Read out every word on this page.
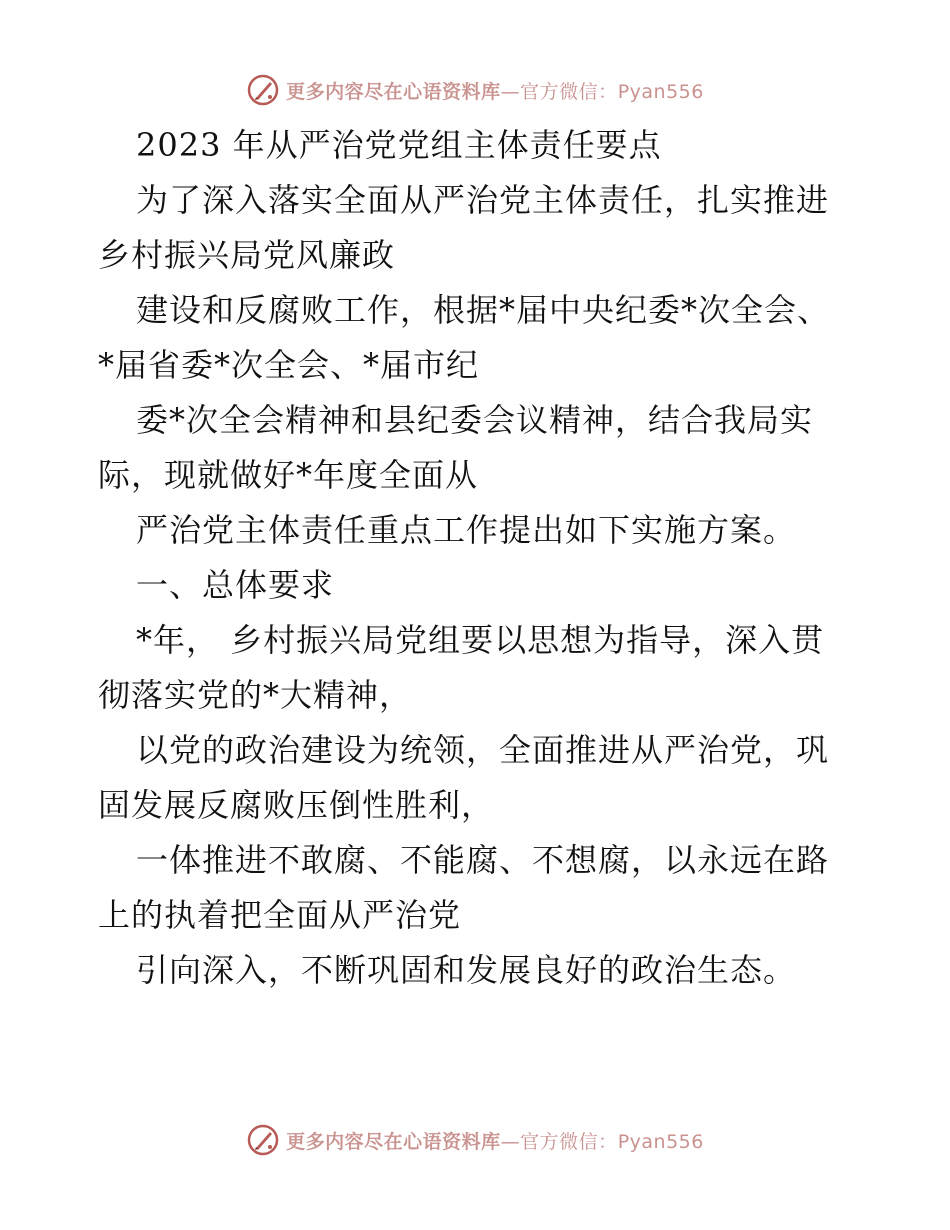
更多内容尽在心语资料库—官方微信：Pyan556
2023 年从严治党党组主体责任要点
为了深入落实全面从严治党主体责任，扎实推进
乡村振兴局党风廉政
建设和反腐败工作，根据*届中央纪委*次全会、
*届省委*次全会、*届市纪
委*次全会精神和县纪委会议精神，结合我局实
际，现就做好*年度全面从
严治党主体责任重点工作提出如下实施方案。
一、总体要求
*年， 乡村振兴局党组要以思想为指导，深入贯
彻落实党的*大精神，
以党的政治建设为统领，全面推进从严治党，巩
固发展反腐败压倒性胜利，
一体推进不敢腐、不能腐、不想腐，以永远在路
上的执着把全面从严治党
引向深入，不断巩固和发展良好的政治生态。
更多内容尽在心语资料库—官方微信：Pyan556
